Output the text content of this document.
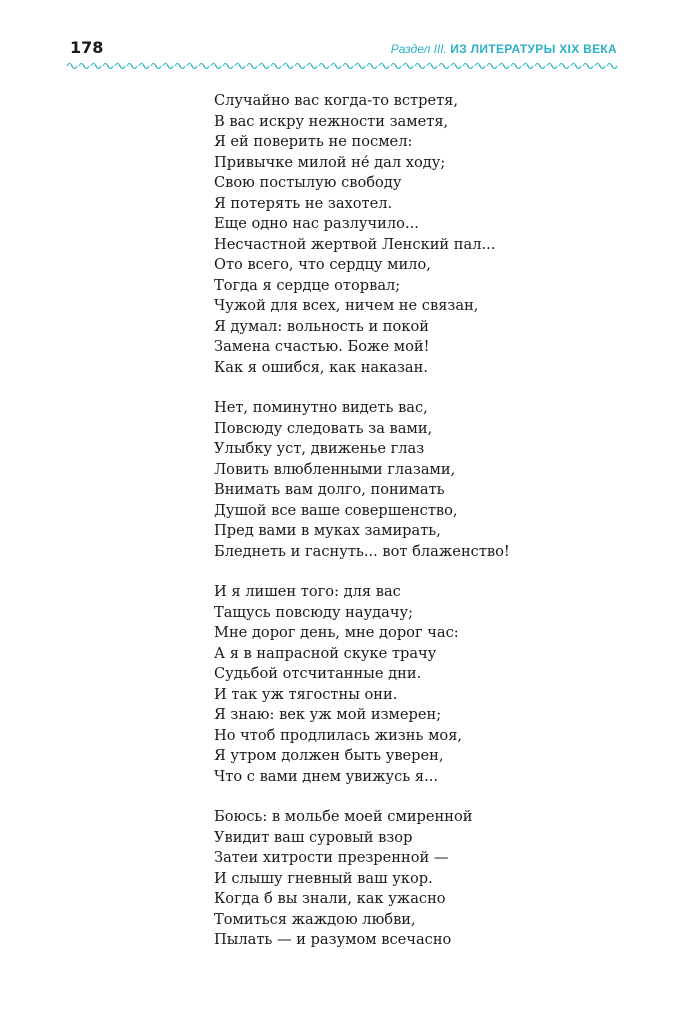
178	Раздел III. ИЗ ЛИТЕРАТУРЫ XIX ВЕКА
Случайно вас когда-то встретя,
В вас искру нежности заметя,
Я ей поверить не посмел:
Привычке милой не́ дал ходу;
Свою постылую свободу
Я потерять не захотел.
Еще одно нас разлучило...
Несчастной жертвой Ленский пал...
Ото всего, что сердцу мило,
Тогда я сердце оторвал;
Чужой для всех, ничем не связан,
Я думал: вольность и покой
Замена счастью. Боже мой!
Как я ошибся, как наказан.
Нет, поминутно видеть вас,
Повсюду следовать за вами,
Улыбку уст, движенье глаз
Ловить влюбленными глазами,
Внимать вам долго, понимать
Душой все ваше совершенство,
Пред вами в муках замирать,
Бледнеть и гаснуть... вот блаженство!
И я лишен того: для вас
Тащусь повсюду наудачу;
Мне дорог день, мне дорог час:
А я в напрасной скуке трачу
Судьбой отсчитанные дни.
И так уж тягостны они.
Я знаю: век уж мой измерен;
Но чтоб продлилась жизнь моя,
Я утром должен быть уверен,
Что с вами днем увижусь я...
Боюсь: в мольбе моей смиренной
Увидит ваш суровый взор
Затеи хитрости презренной —
И слышу гневный ваш укор.
Когда б вы знали, как ужасно
Томиться жаждою любви,
Пылать — и разумом всечасно
